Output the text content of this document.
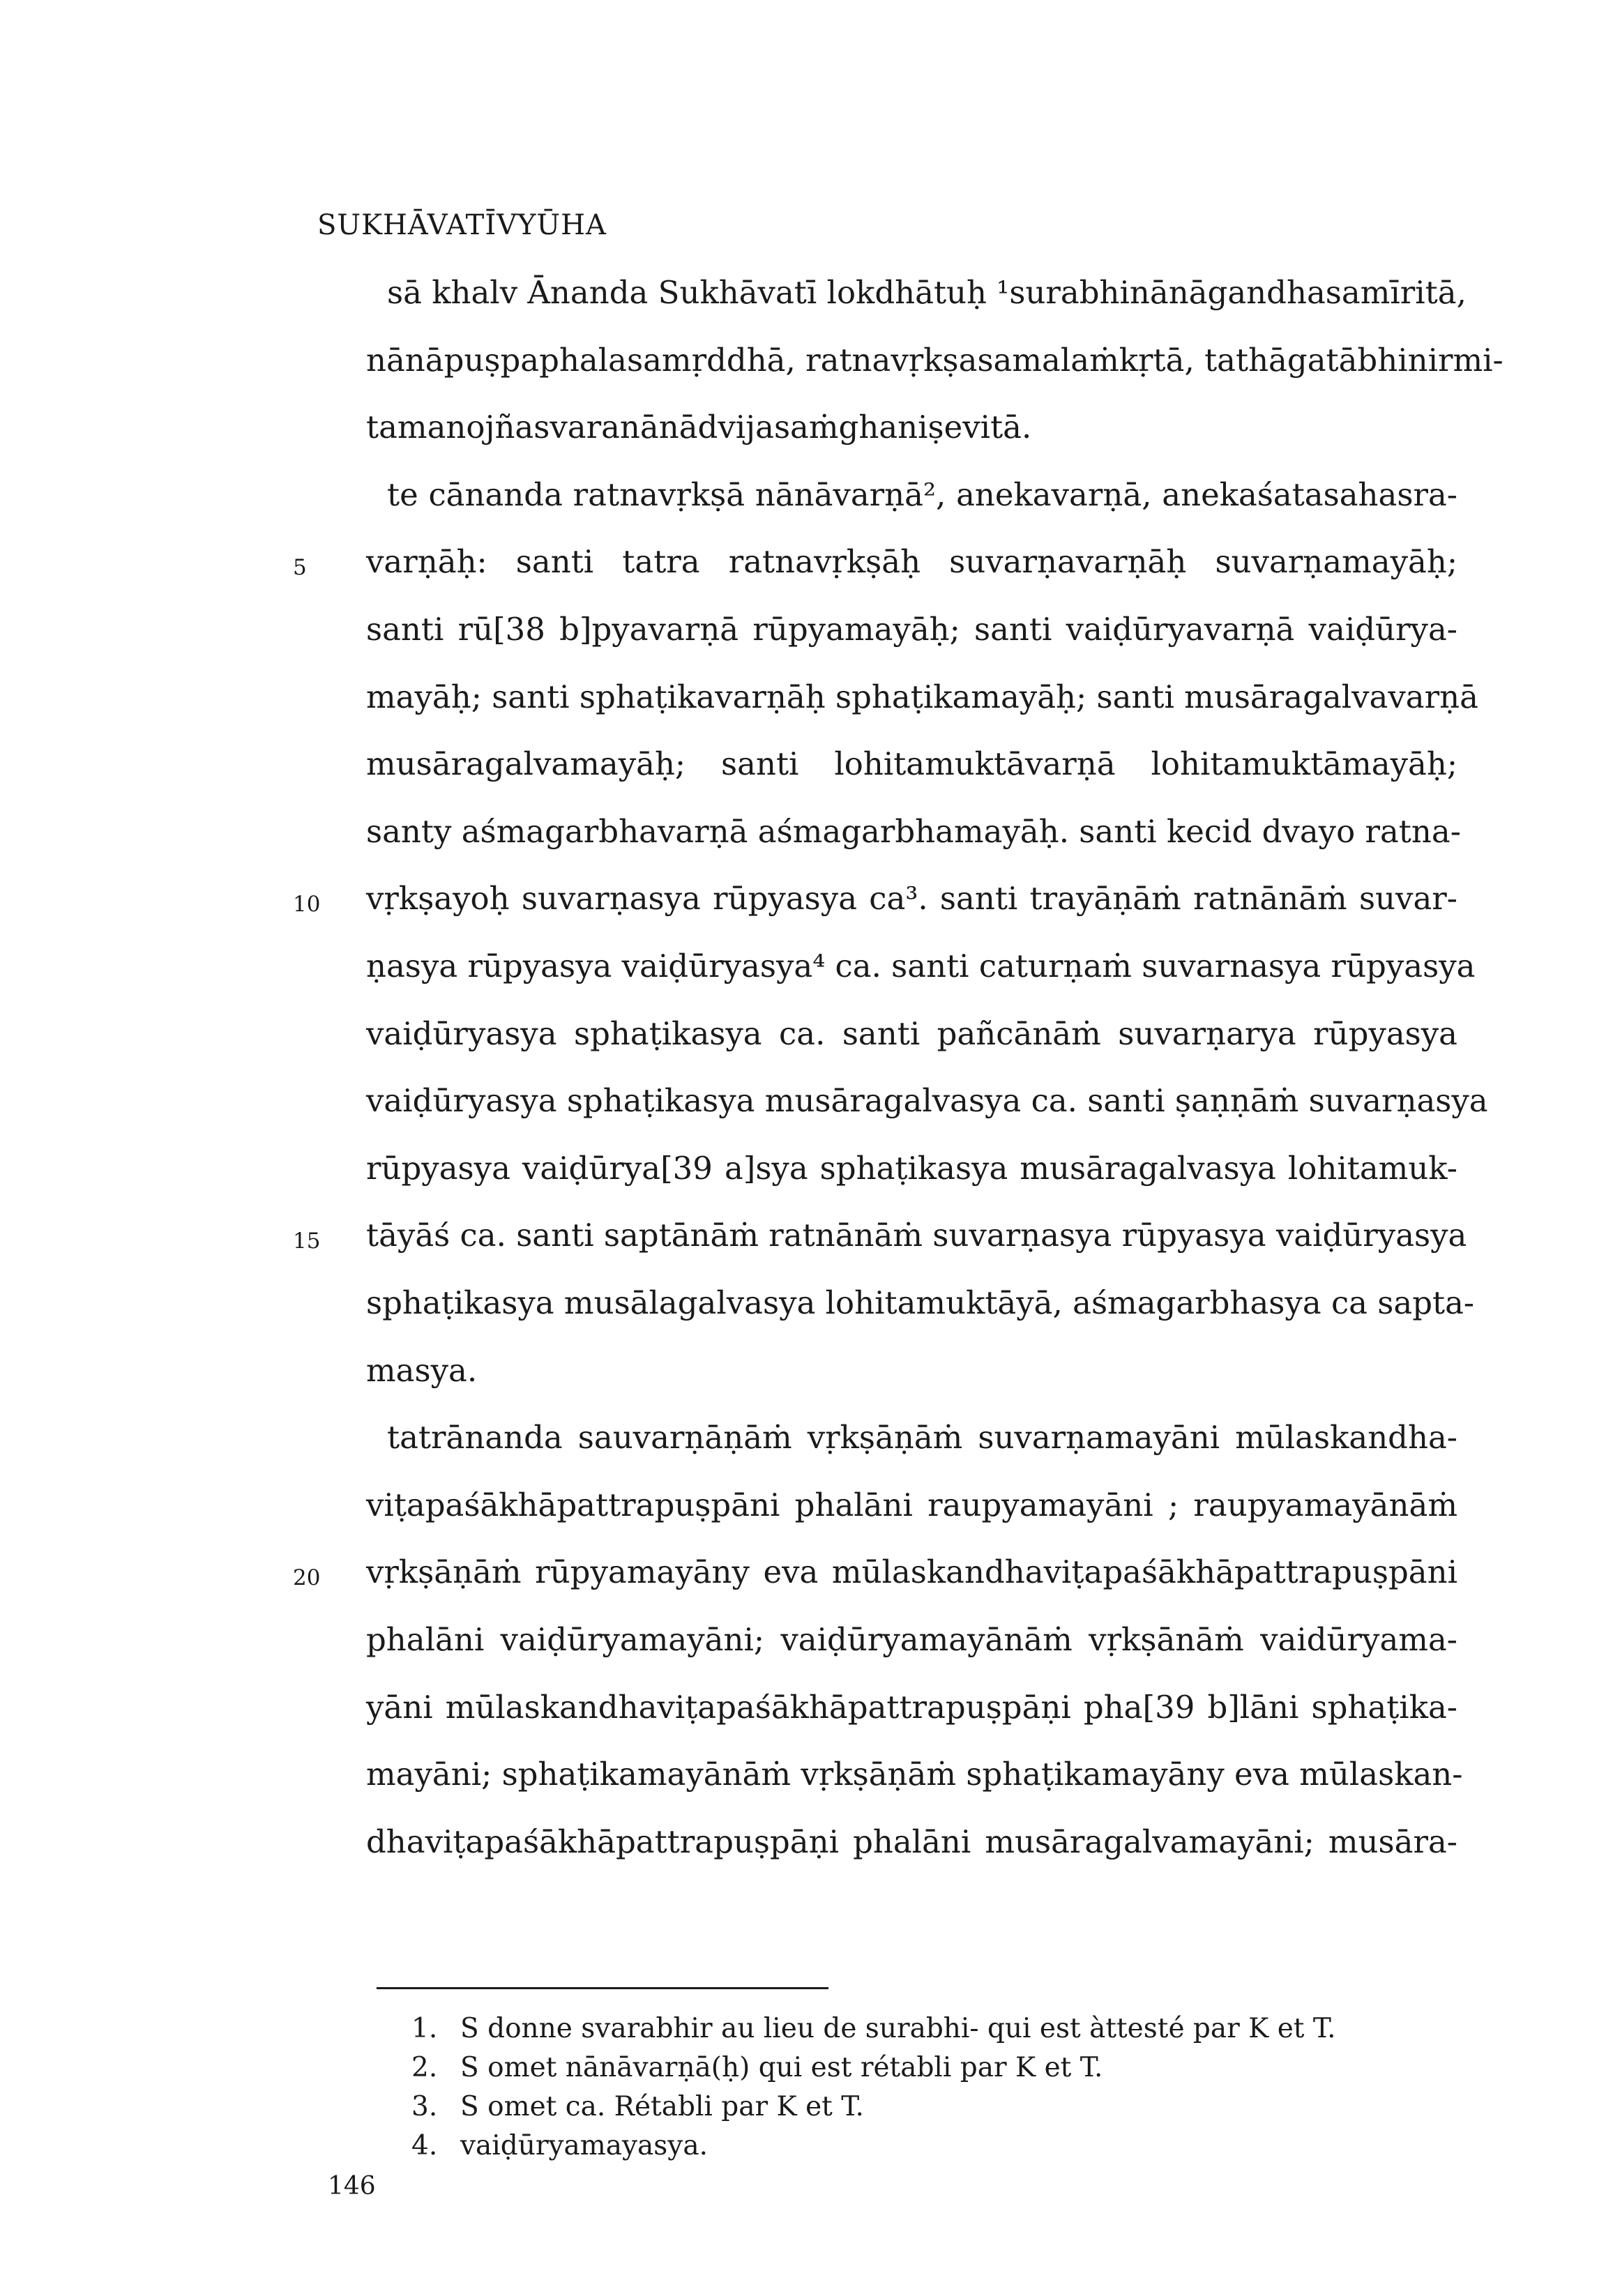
SUKHĀVATĪVYŪHA
sā khalv Ānanda Sukhāvatī lokdhātuḥ ¹surabhinānāgandhasamīritā,
nānāpuṣpaphalasamṛddhā, ratnavṛkṣasamalaṁkṛtā, tathāgatābhinirmi-
tamanojñasvaranānādvijasaṁghaniṣevitā.
te cānanda ratnavṛkṣā nānāvarṇā², anekavarṇā, anekaśatasahasra-
varṇāḥ: santi tatra ratnavṛkṣāḥ suvarṇavarṇāḥ suvarṇamayāḥ;
5
santi rū[38 b]pyavarṇā rūpyamayāḥ; santi vaiḍūryavarṇā vaiḍūrya-
mayāḥ; santi sphaṭikavarṇāḥ sphaṭikamayāḥ; santi musāragalvavarṇā
musāragalvamayāḥ; santi lohitamuktāvarṇā lohitamuktāmayāḥ;
santy aśmagarbhavarṇā aśmagarbhamayāḥ. santi kecid dvayo ratna-
vṛkṣayoḥ suvarṇasya rūpyasya ca³. santi trayāṇāṁ ratnānāṁ suvar-
10
ṇasya rūpyasya vaiḍūryasya⁴ ca. santi caturṇaṁ suvarnasya rūpyasya
vaiḍūryasya sphaṭikasya ca. santi pañcānāṁ suvarṇarya rūpyasya
vaiḍūryasya sphaṭikasya musāragalvasya ca. santi ṣaṇṇāṁ suvarṇasya
rūpyasya vaiḍūrya[39 a]sya sphaṭikasya musāragalvasya lohitamuk-
tāyāś ca. santi saptānāṁ ratnānāṁ suvarṇasya rūpyasya vaiḍūryasya
15
sphaṭikasya musālagalvasya lohitamuktāyā, aśmagarbhasya ca sapta-
masya.
tatrānanda sauvarṇāṇāṁ vṛkṣāṇāṁ suvarṇamayāni mūlaskandha-
viṭapaśākhāpattrapuṣpāni phalāni raupyamayāni ; raupyamayānāṁ
vṛkṣāṇāṁ rūpyamayāny eva mūlaskandhaviṭapaśākhāpattrapuṣpāni
20
phalāni vaiḍūryamayāni; vaiḍūryamayānāṁ vṛkṣānāṁ vaidūryama-
yāni mūlaskandhaviṭapaśākhāpattrapuṣpāṇi pha[39 b]lāni sphaṭika-
mayāni; sphaṭikamayānāṁ vṛkṣāṇāṁ sphaṭikamayāny eva mūlaskan-
dhaviṭapaśākhāpattrapuṣpāṇi phalāni musāragalvamayāni; musāra-
1. S donne svarabhir au lieu de surabhi- qui est àttesté par K et T.
2. S omet nānāvarṇā(ḥ) qui est rétabli par K et T.
3. S omet ca. Rétabli par K et T.
4. vaiḍūryamayasya.
146
